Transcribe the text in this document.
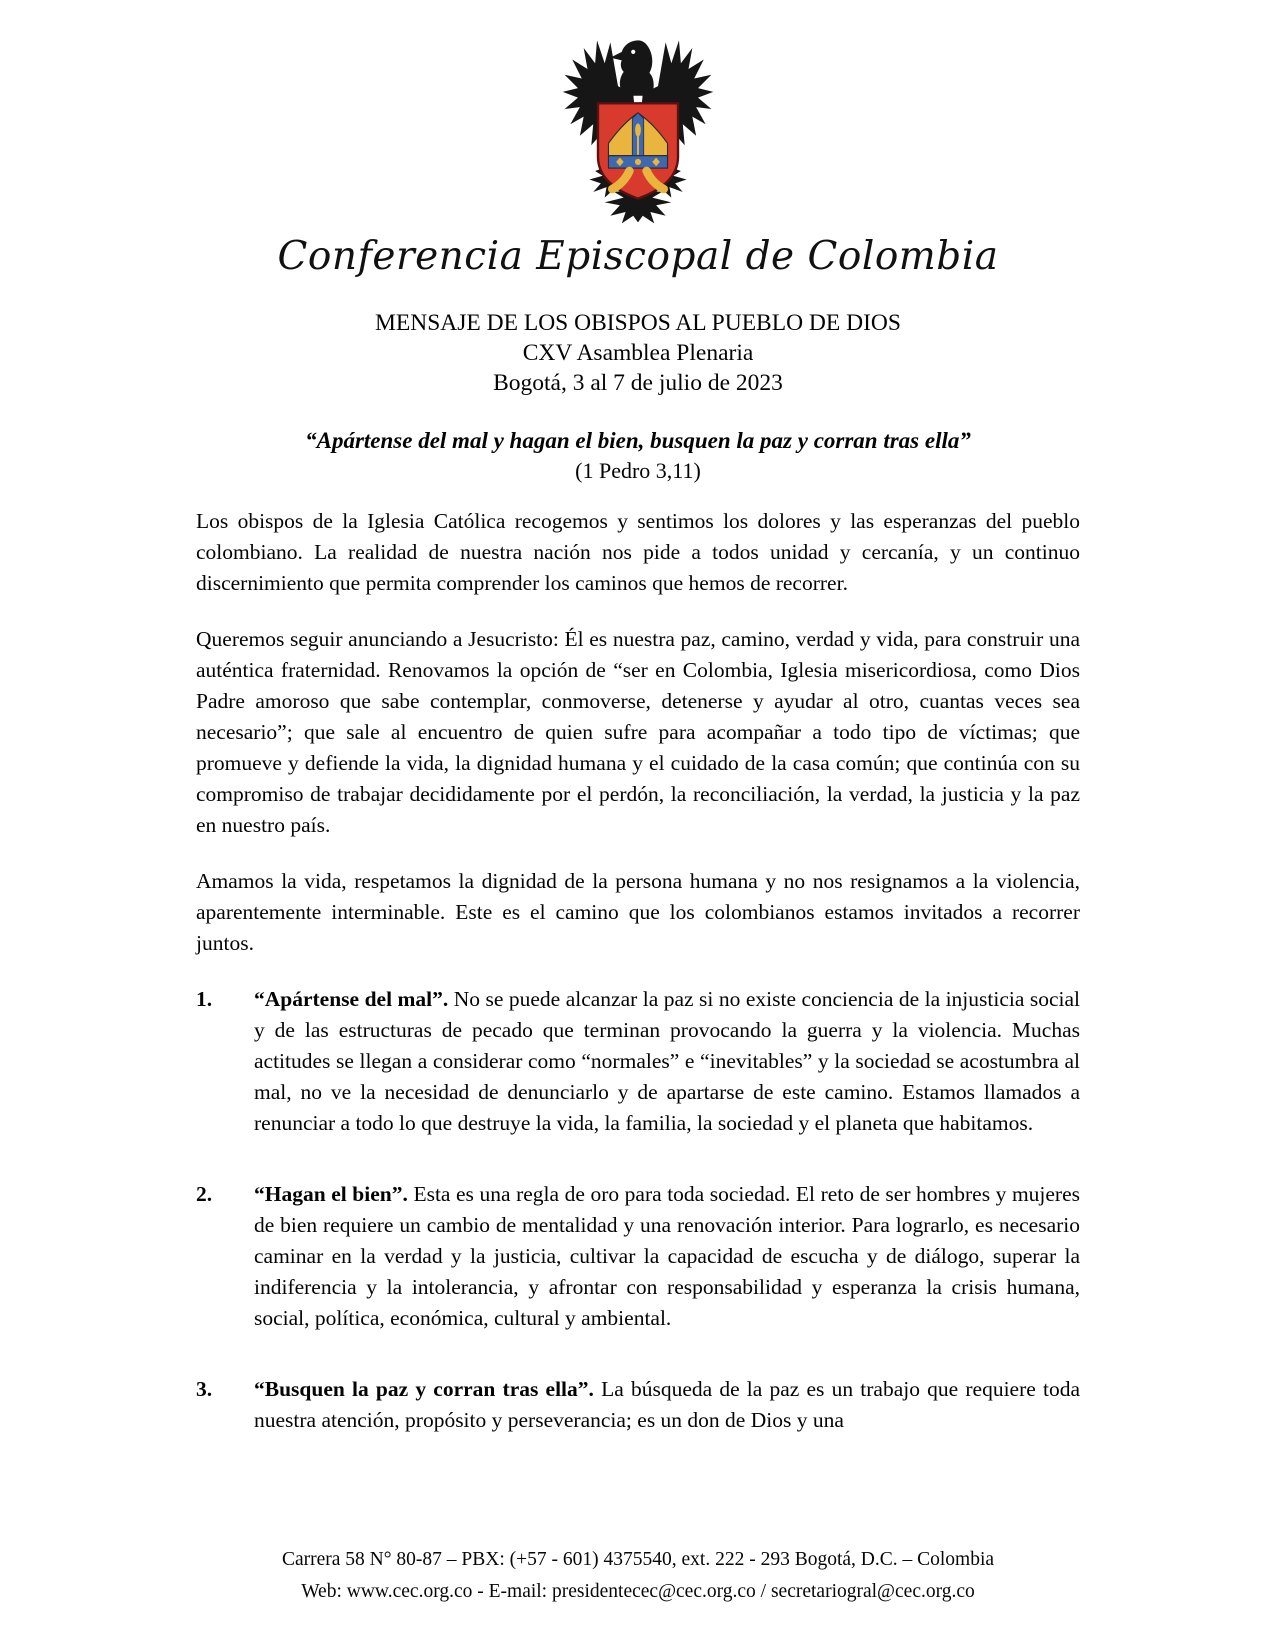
Conferencia Episcopal de Colombia
MENSAJE DE LOS OBISPOS AL PUEBLO DE DIOS
CXV Asamblea Plenaria
Bogotá, 3 al 7 de julio de 2023
“Apártense del mal y hagan el bien, busquen la paz y corran tras ella”
(1 Pedro 3,11)

Los obispos de la Iglesia Católica recogemos y sentimos los dolores y las esperanzas del pueblo colombiano. La realidad de nuestra nación nos pide a todos unidad y cercanía, y un continuo discernimiento que permita comprender los caminos que hemos de recorrer.

Queremos seguir anunciando a Jesucristo: Él es nuestra paz, camino, verdad y vida, para construir una auténtica fraternidad. Renovamos la opción de “ser en Colombia, Iglesia misericordiosa, como Dios Padre amoroso que sabe contemplar, conmoverse, detenerse y ayudar al otro, cuantas veces sea necesario”; que sale al encuentro de quien sufre para acompañar a todo tipo de víctimas; que promueve y defiende la vida, la dignidad humana y el cuidado de la casa común; que continúa con su compromiso de trabajar decididamente por el perdón, la reconciliación, la verdad, la justicia y la paz en nuestro país.

Amamos la vida, respetamos la dignidad de la persona humana y no nos resignamos a la violencia, aparentemente interminable. Este es el camino que los colombianos estamos invitados a recorrer juntos.

1.	“Apártense del mal”. No se puede alcanzar la paz si no existe conciencia de la injusticia social y de las estructuras de pecado que terminan provocando la guerra y la violencia. Muchas actitudes se llegan a considerar como “normales” e “inevitables” y la sociedad se acostumbra al mal, no ve la necesidad de denunciarlo y de apartarse de este camino. Estamos llamados a renunciar a todo lo que destruye la vida, la familia, la sociedad y el planeta que habitamos.

2.	“Hagan el bien”. Esta es una regla de oro para toda sociedad. El reto de ser hombres y mujeres de bien requiere un cambio de mentalidad y una renovación interior. Para lograrlo, es necesario caminar en la verdad y la justicia, cultivar la capacidad de escucha y de diálogo, superar la indiferencia y la intolerancia, y afrontar con responsabilidad y esperanza la crisis humana, social, política, económica, cultural y ambiental.

3.	“Busquen la paz y corran tras ella”. La búsqueda de la paz es un trabajo que requiere toda nuestra atención, propósito y perseverancia; es un don de Dios y una

Carrera 58 N° 80-87 – PBX: (+57 - 601) 4375540, ext. 222 - 293 Bogotá, D.C. – Colombia
Web: www.cec.org.co - E-mail: presidentecec@cec.org.co / secretariogral@cec.org.co
